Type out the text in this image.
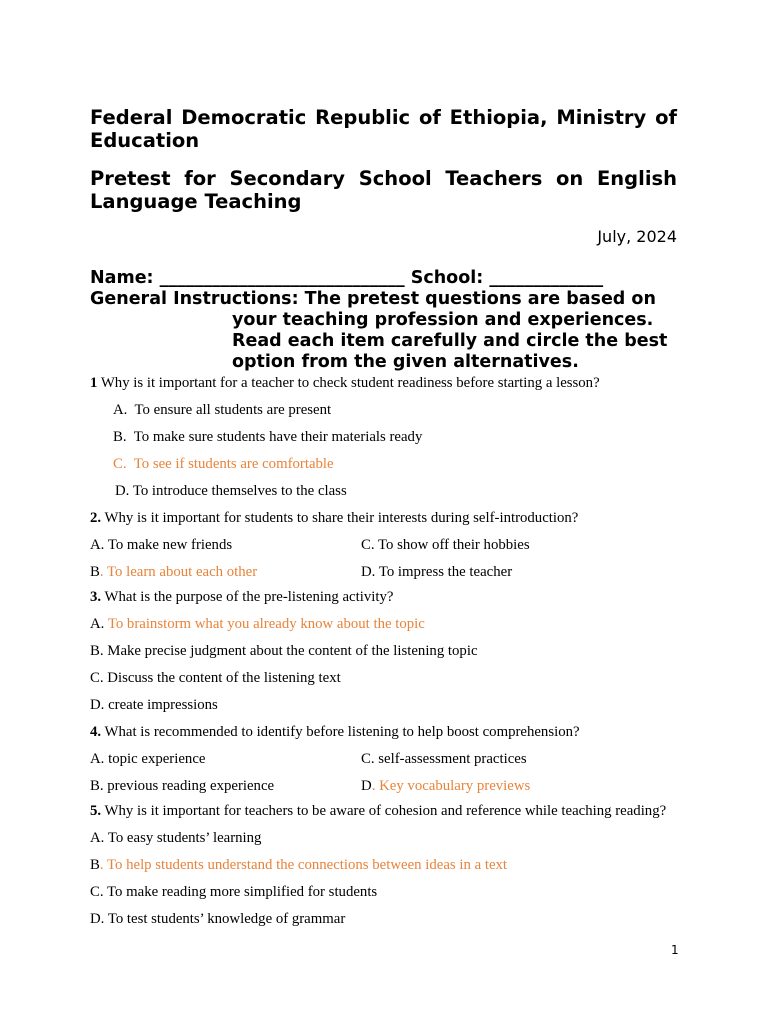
Federal Democratic Republic of Ethiopia, Ministry of Education
Pretest for Secondary School Teachers on English Language Teaching
July, 2024
Name: ____________________________ School: _____________
General Instructions: The pretest questions are based on
your teaching profession and experiences. Read each item carefully and circle the best option from the given alternatives.
1 Why is it important for a teacher to check student readiness before starting a lesson?
A. To ensure all students are present
B. To make sure students have their materials ready
C. To see if students are comfortable
D. To introduce themselves to the class
2. Why is it important for students to share their interests during self-introduction?
A. To make new friends	C. To show off their hobbies
B. To learn about each other	D. To impress the teacher
3. What is the purpose of the pre-listening activity?
A. To brainstorm what you already know about the topic
B. Make precise judgment about the content of the listening topic
C. Discuss the content of the listening text
D. create impressions
4. What is recommended to identify before listening to help boost comprehension?
A. topic experience	C. self-assessment practices
B. previous reading experience	D. Key vocabulary previews
5. Why is it important for teachers to be aware of cohesion and reference while teaching reading?
A. To easy students’ learning
B. To help students understand the connections between ideas in a text
C. To make reading more simplified for students
D. To test students’ knowledge of grammar
1
